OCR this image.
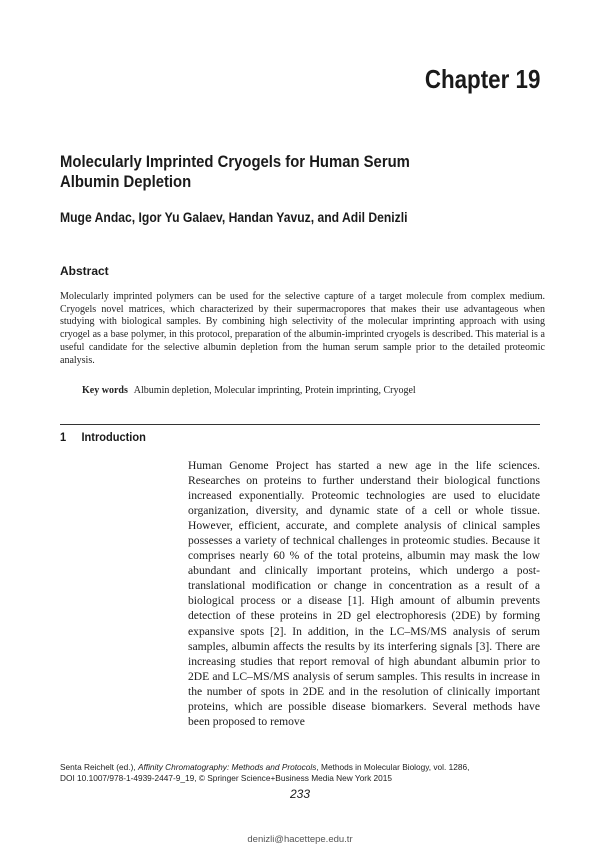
Chapter 19
Molecularly Imprinted Cryogels for Human Serum Albumin Depletion

Muge Andac, Igor Yu Galaev, Handan Yavuz, and Adil Denizli

Abstract

Molecularly imprinted polymers can be used for the selective capture of a target molecule from complex medium. Cryogels novel matrices, which characterized by their supermacropores that makes their use advantageous when studying with biological samples. By combining high selectivity of the molecular imprinting approach with using cryogel as a base polymer, in this protocol, preparation of the albumin-imprinted cryogels is described. This material is a useful candidate for the selective albumin depletion from the human serum sample prior to the detailed proteomic analysis.

Key words Albumin depletion, Molecular imprinting, Protein imprinting, Cryogel

1 Introduction

Human Genome Project has started a new age in the life sciences. Researches on proteins to further understand their biological functions increased exponentially. Proteomic technologies are used to elucidate organization, diversity, and dynamic state of a cell or whole tissue. However, efficient, accurate, and complete analysis of clinical samples possesses a variety of technical challenges in proteomic studies. Because it comprises nearly 60 % of the total proteins, albumin may mask the low abundant and clinically important proteins, which undergo a post-translational modification or change in concentration as a result of a biological process or a disease [1]. High amount of albumin prevents detection of these proteins in 2D gel electrophoresis (2DE) by forming expansive spots [2]. In addition, in the LC–MS/MS analysis of serum samples, albumin affects the results by its interfering signals [3]. There are increasing studies that report removal of high abundant albumin prior to 2DE and LC–MS/MS analysis of serum samples. This results in increase in the number of spots in 2DE and in the resolution of clinically important proteins, which are possible disease biomarkers. Several methods have been proposed to remove

Senta Reichelt (ed.), Affinity Chromatography: Methods and Protocols, Methods in Molecular Biology, vol. 1286,
DOI 10.1007/978-1-4939-2447-9_19, © Springer Science+Business Media New York 2015

233

denizli@hacettepe.edu.tr
